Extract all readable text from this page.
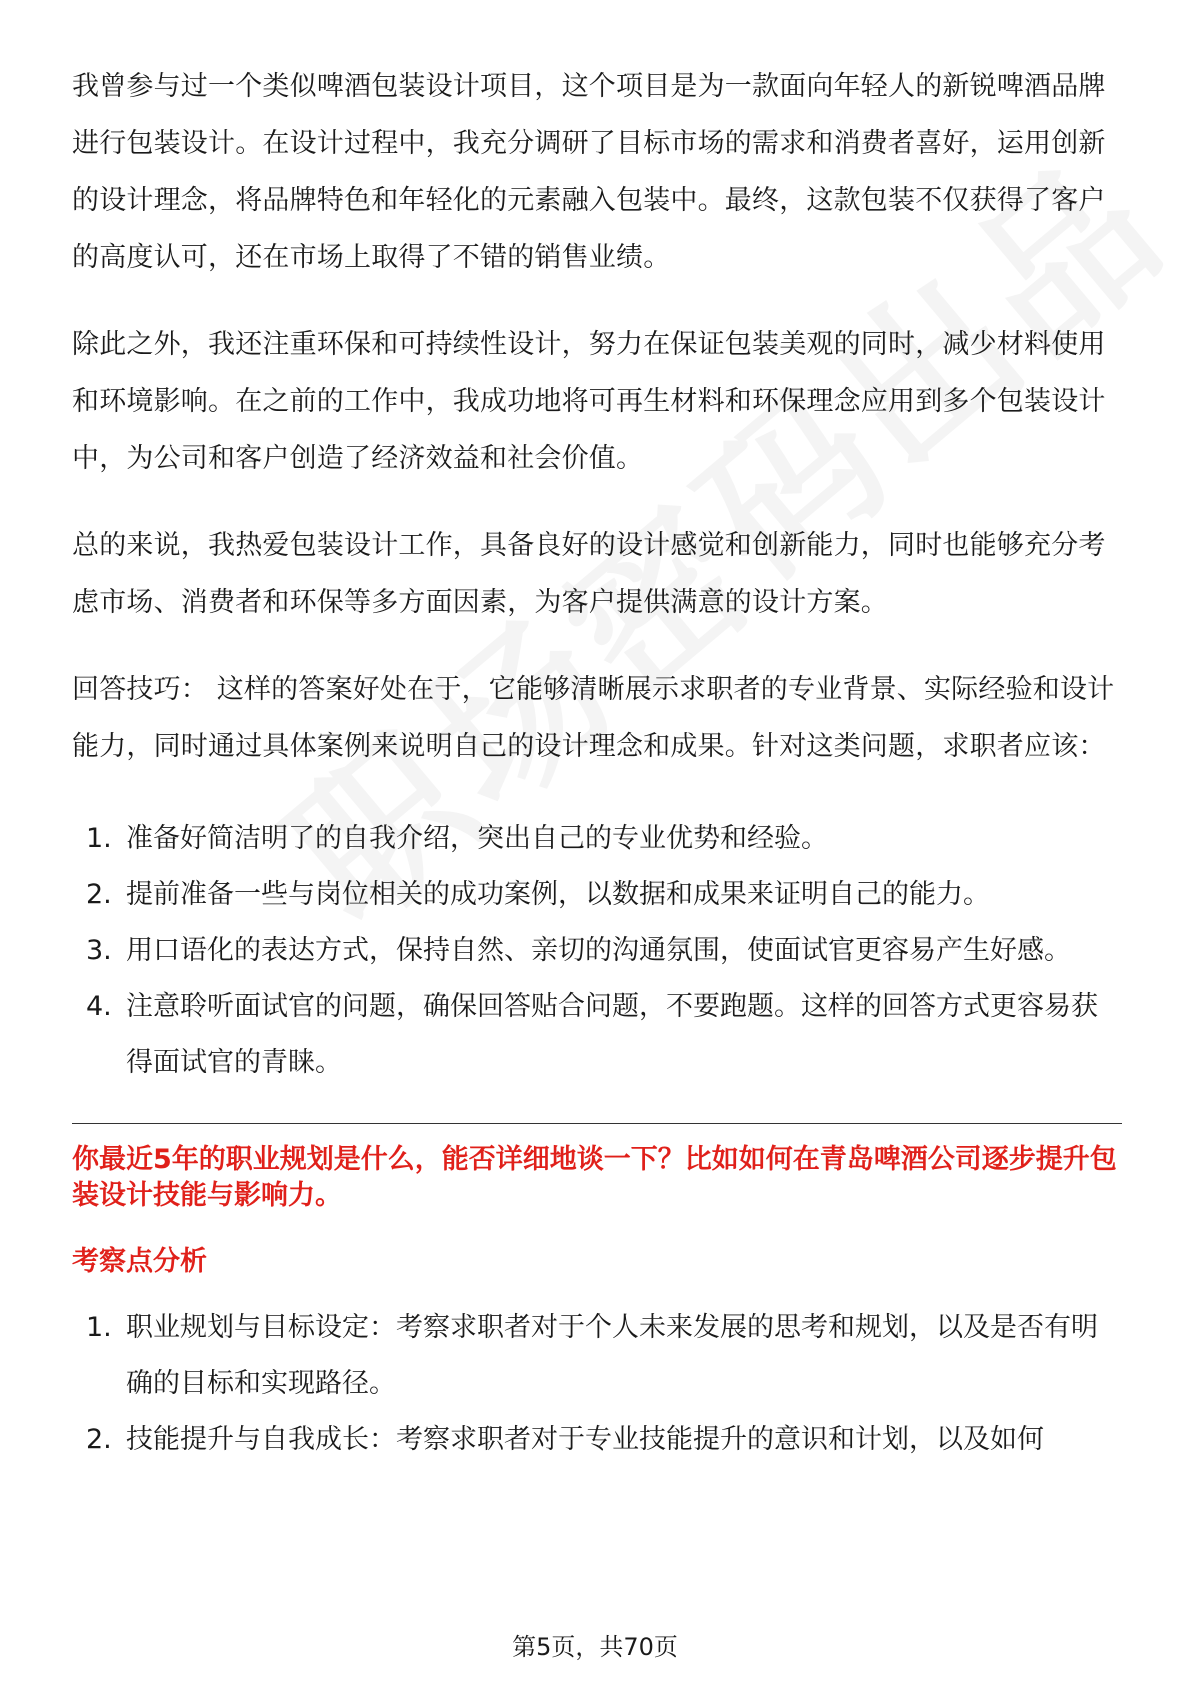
我曾参与过一个类似啤酒包装设计项目，这个项目是为一款面向年轻人的新锐啤酒品牌进行包装设计。在设计过程中，我充分调研了目标市场的需求和消费者喜好，运用创新的设计理念，将品牌特色和年轻化的元素融入包装中。最终，这款包装不仅获得了客户的高度认可，还在市场上取得了不错的销售业绩。

除此之外，我还注重环保和可持续性设计，努力在保证包装美观的同时，减少材料使用和环境影响。在之前的工作中，我成功地将可再生材料和环保理念应用到多个包装设计中，为公司和客户创造了经济效益和社会价值。

总的来说，我热爱包装设计工作，具备良好的设计感觉和创新能力，同时也能够充分考虑市场、消费者和环保等多方面因素，为客户提供满意的设计方案。

回答技巧： 这样的答案好处在于，它能够清晰展示求职者的专业背景、实际经验和设计能力，同时通过具体案例来说明自己的设计理念和成果。针对这类问题，求职者应该：

1. 准备好简洁明了的自我介绍，突出自己的专业优势和经验。
2. 提前准备一些与岗位相关的成功案例，以数据和成果来证明自己的能力。
3. 用口语化的表达方式，保持自然、亲切的沟通氛围，使面试官更容易产生好感。
4. 注意聆听面试官的问题，确保回答贴合问题，不要跑题。这样的回答方式更容易获得面试官的青睐。
你最近5年的职业规划是什么，能否详细地谈一下？比如如何在青岛啤酒公司逐步提升包装设计技能与影响力。
考察点分析
1. 职业规划与目标设定：考察求职者对于个人未来发展的思考和规划，以及是否有明确的目标和实现路径。
2. 技能提升与自我成长：考察求职者对于专业技能提升的意识和计划，以及如何
第5页，共70页
